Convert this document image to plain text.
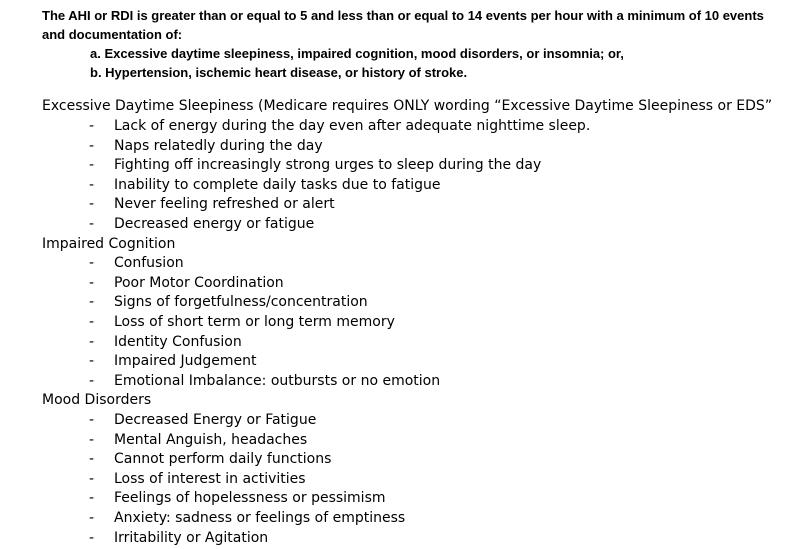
The AHI or RDI is greater than or equal to 5 and less than or equal to 14 events per hour with a minimum of 10 events and documentation of:

a. Excessive daytime sleepiness, impaired cognition, mood disorders, or insomnia; or,

b. Hypertension, ischemic heart disease, or history of stroke.

Excessive Daytime Sleepiness (Medicare requires ONLY wording “Excessive Daytime Sleepiness or EDS”
-	Lack of energy during the day even after adequate nighttime sleep.
-	Naps relatedly during the day
-	Fighting off increasingly strong urges to sleep during the day
-	Inability to complete daily tasks due to fatigue
-	Never feeling refreshed or alert
-	Decreased energy or fatigue
Impaired Cognition
-	Confusion
-	Poor Motor Coordination
-	Signs of forgetfulness/concentration
-	Loss of short term or long term memory
-	Identity Confusion
-	Impaired Judgement
-	Emotional Imbalance: outbursts or no emotion
Mood Disorders
-	Decreased Energy or Fatigue
-	Mental Anguish, headaches
-	Cannot perform daily functions
-	Loss of interest in activities
-	Feelings of hopelessness or pessimism
-	Anxiety: sadness or feelings of emptiness
-	Irritability or Agitation
